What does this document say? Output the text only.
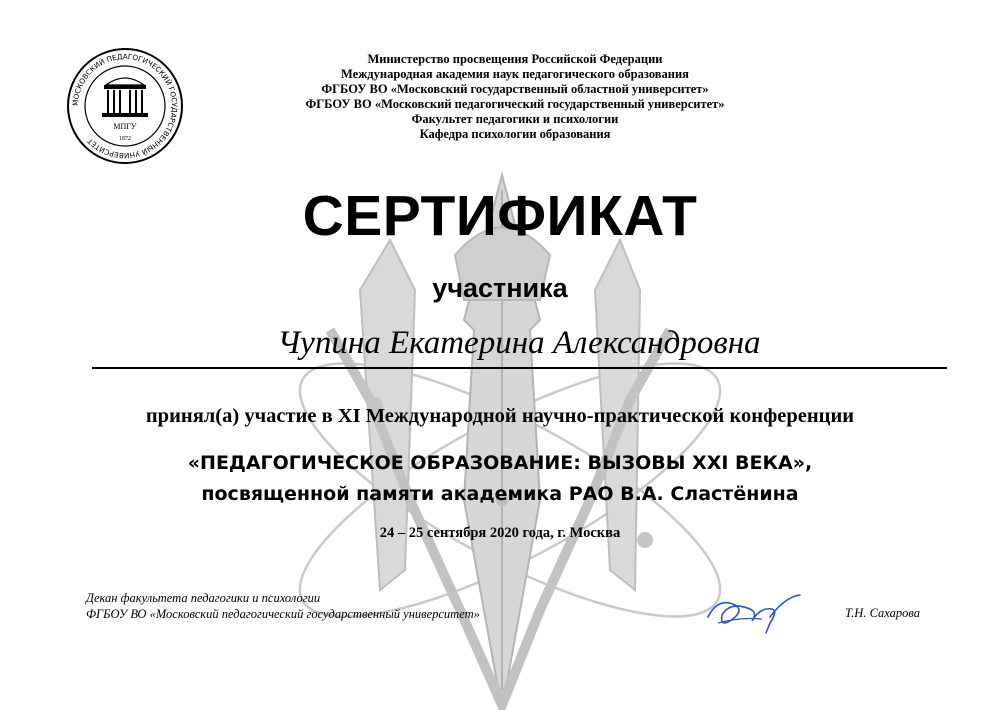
МОСКОВСКИЙ ПЕДАГОГИЧЕСКИЙ ГОСУДАРСТВЕННЫЙ УНИВЕРСИТЕТ
МПГУ
1872
Министерство просвещения Российской Федерации
Международная академия наук педагогического образования
ФГБОУ ВО «Московский государственный областной университет»
ФГБОУ ВО «Московский педагогический государственный университет»
Факультет педагогики и психологии
Кафедра психологии образования
СЕРТИФИКАТ
участника
Чупина Екатерина Александровна
принял(а) участие в XI Международной научно-практической конференции
«ПЕДАГОГИЧЕСКОЕ ОБРАЗОВАНИЕ: ВЫЗОВЫ XXI ВЕКА»,
посвященной памяти академика РАО В.А. Сластёнина
24 – 25 сентября 2020 года, г. Москва
Декан факультета педагогики и психологии
ФГБОУ ВО «Московский педагогический государственный университет»	Т.Н. Сахарова
